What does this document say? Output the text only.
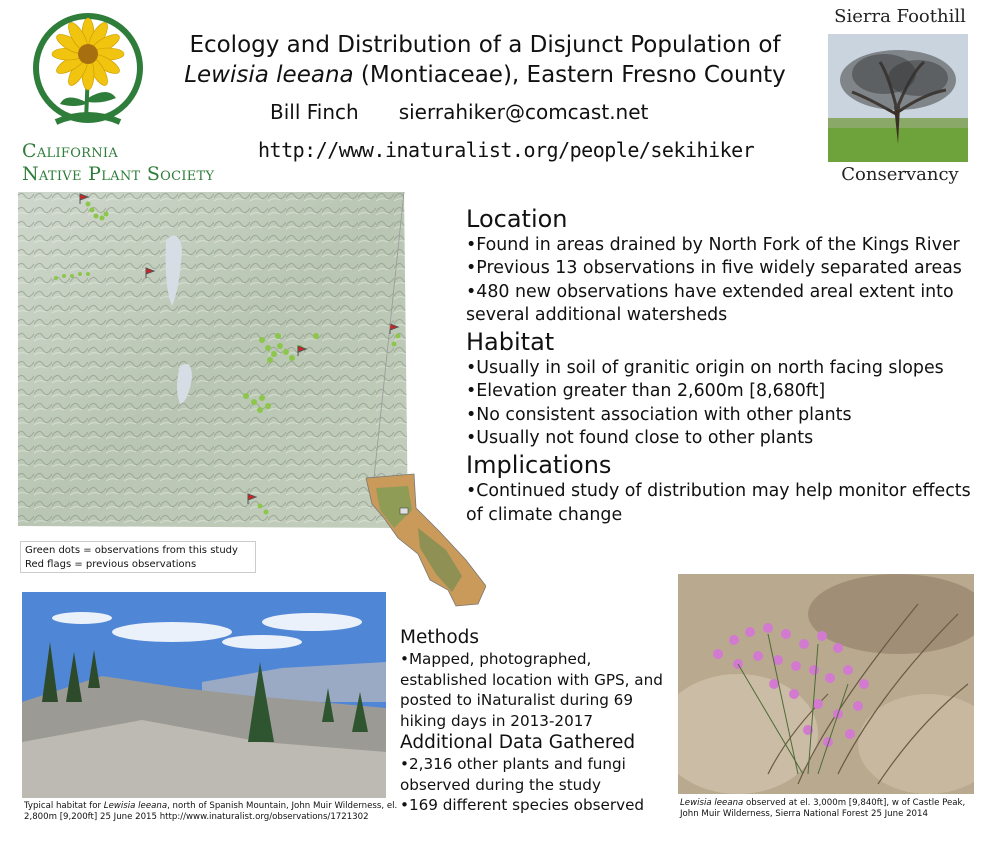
California
Native Plant Society
Ecology and Distribution of a Disjunct Population of
Lewisia leeana (Montiaceae), Eastern Fresno County
Bill Finch sierrahiker@comcast.net
http://www.inaturalist.org/people/sekihiker
Sierra Foothill
Conservancy
Green dots = observations from this study
Red flags = previous observations

Location

•Found in areas drained by North Fork of the Kings River

•Previous 13 observations in five widely separated areas

•480 new observations have extended areal extent into several additional watersheds

Habitat

•Usually in soil of granitic origin on north facing slopes

•Elevation greater than 2,600m [8,680ft]

•No consistent association with other plants

•Usually not found close to other plants

Implications

•Continued study of distribution may help monitor effects of climate change

Typical habitat for Lewisia leeana, north of Spanish Mountain, John Muir Wilderness, el. 2,800m [9,200ft] 25 June 2015 http://www.inaturalist.org/observations/1721302

Methods

•Mapped, photographed, established location with GPS, and posted to iNaturalist during 69 hiking days in 2013-2017

Additional Data Gathered

•2,316 other plants and fungi observed during the study

•169 different species observed	Lewisia leeana observed at el. 3,000m [9,840ft], w of Castle Peak, John Muir Wilderness, Sierra National Forest 25 June 2014
